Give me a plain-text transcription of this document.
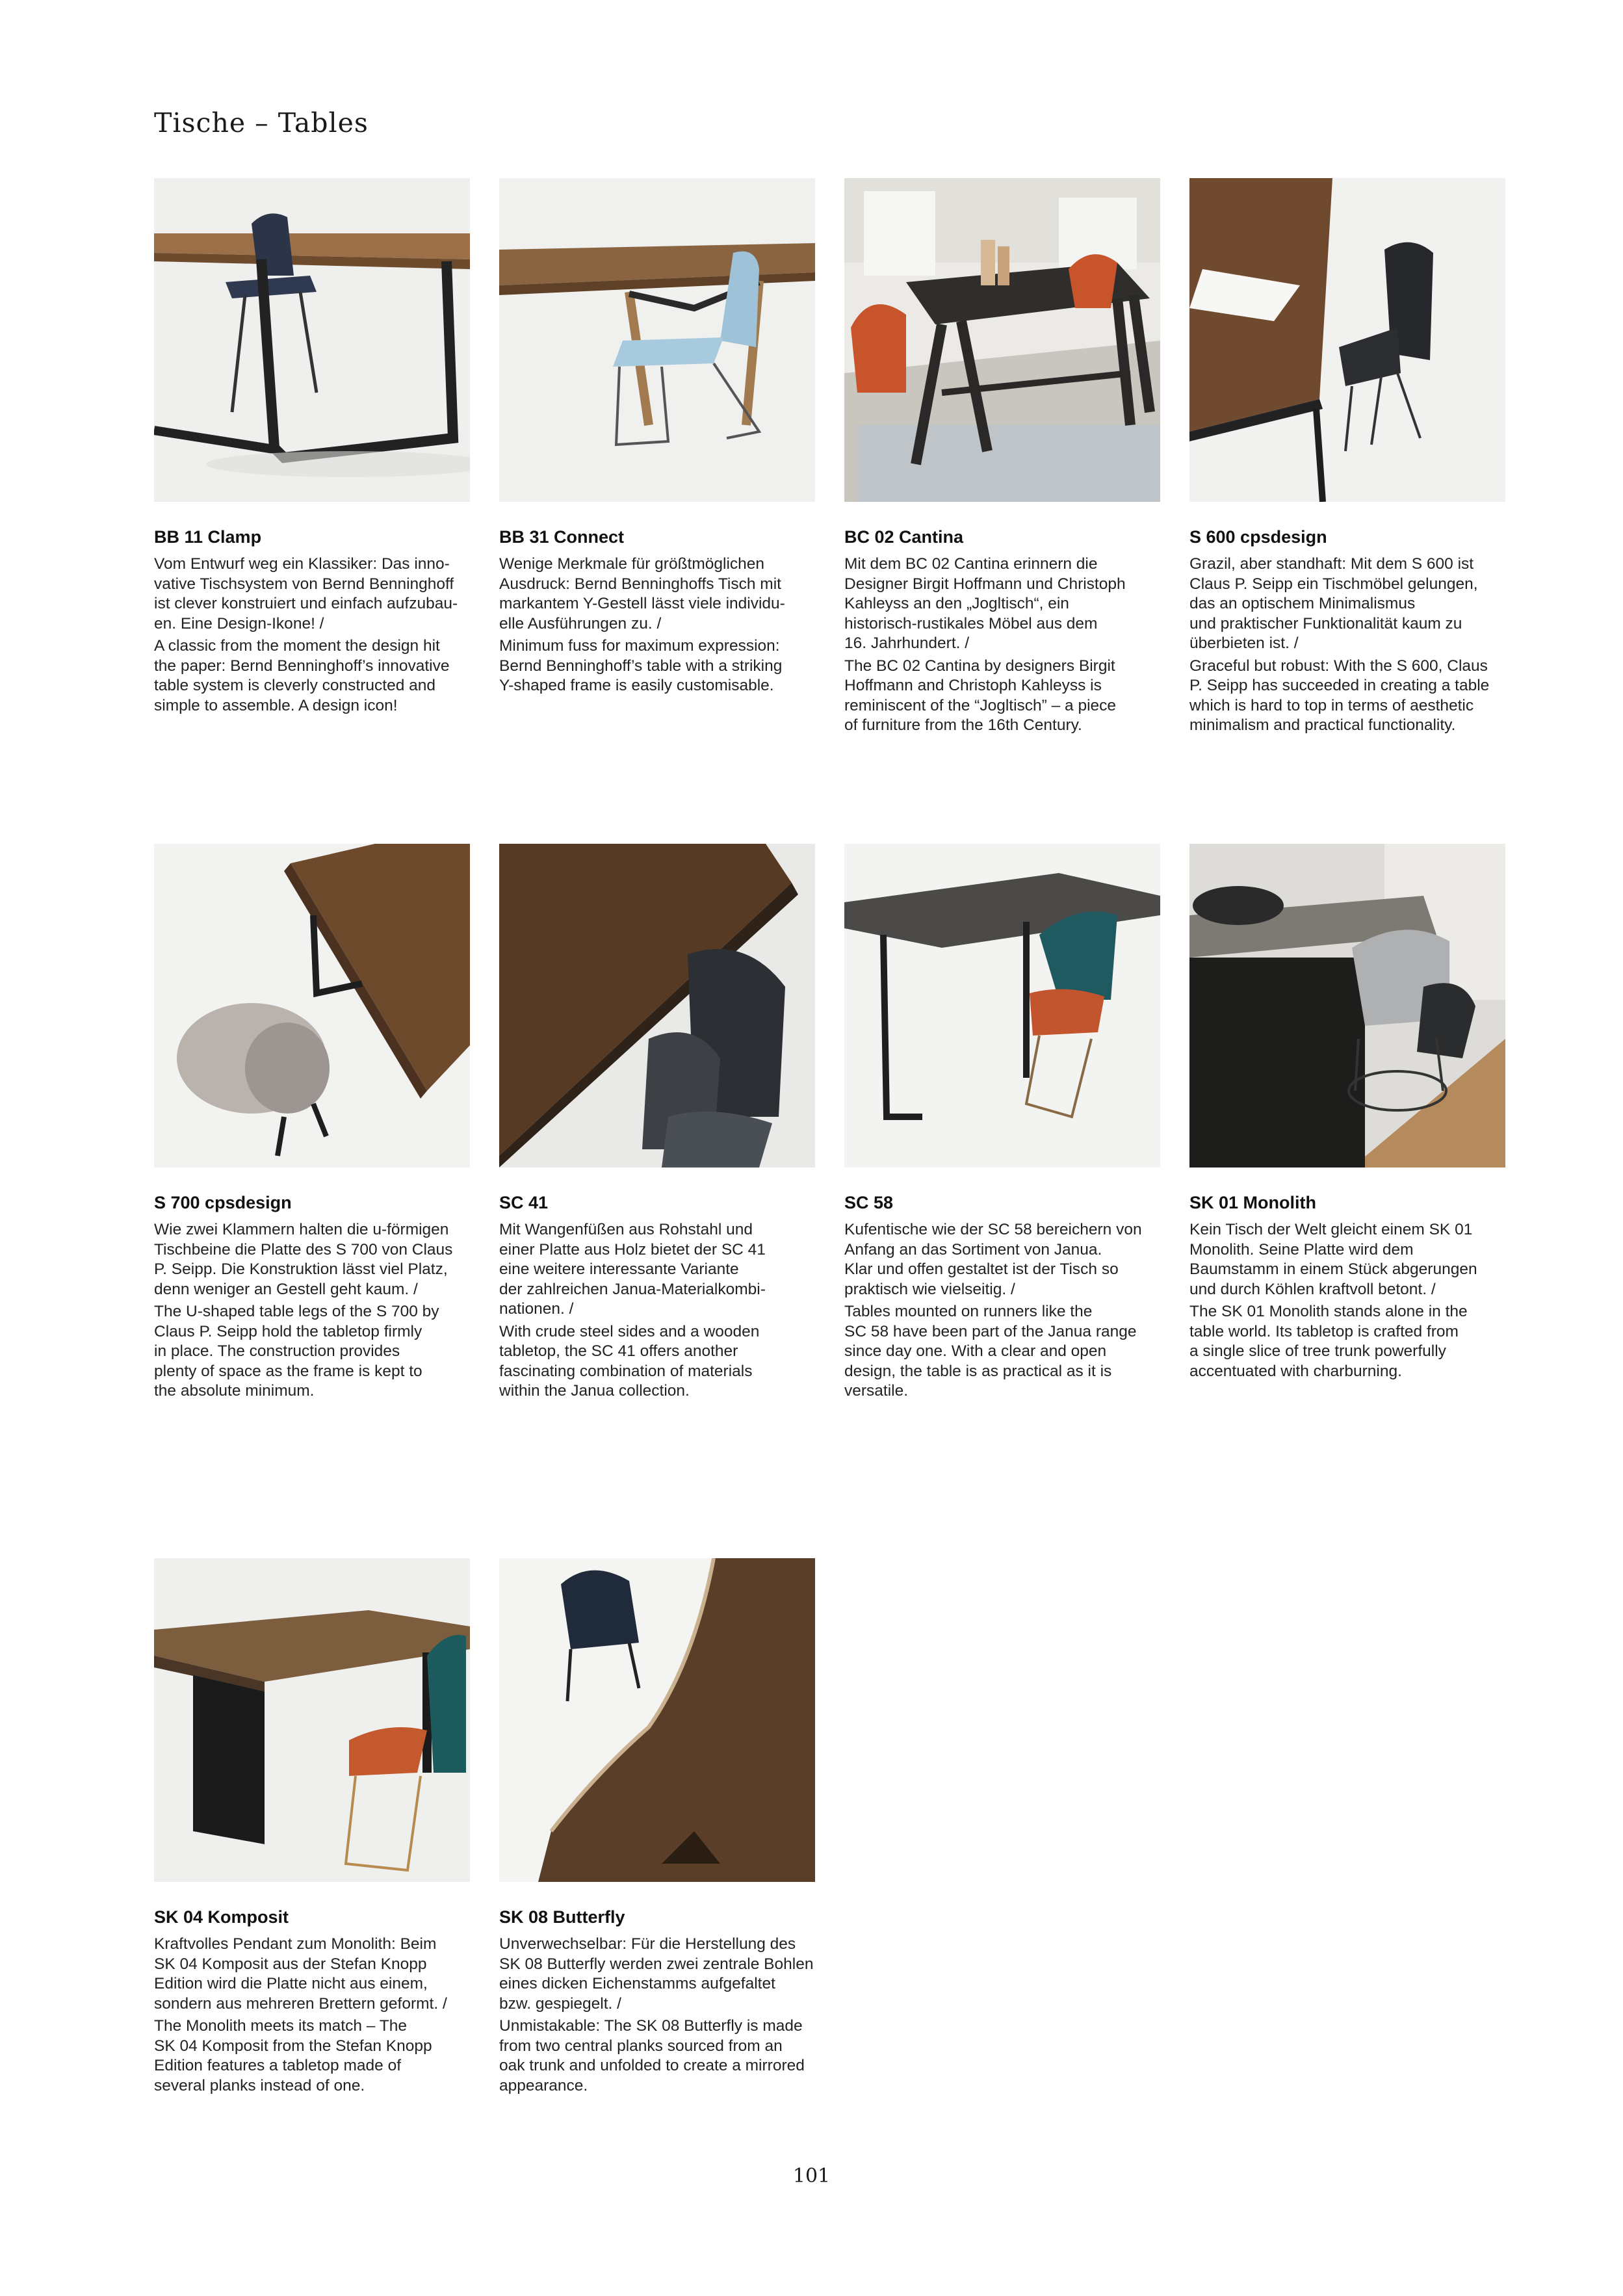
Tische – Tables

BB 11 Clamp

Vom Entwurf weg ein Klassiker: Das inno-
vative Tischsystem von Bernd Benninghoff
ist clever konstruiert und einfach aufzubau-
en. Eine Design-Ikone! /

A classic from the moment the design hit
the paper: Bernd Benninghoff’s innovative
table system is cleverly constructed and
simple to assemble. A design icon!

BB 31 Connect

Wenige Merkmale für größtmöglichen
Ausdruck: Bernd Benninghoffs Tisch mit
markantem Y-Gestell lässt viele individu-
elle Ausführungen zu. /

Minimum fuss for maximum expression:
Bernd Benninghoff’s table with a striking
Y-shaped frame is easily customisable.

BC 02 Cantina

Mit dem BC 02 Cantina erinnern die
Designer Birgit Hoffmann und Christoph
Kahleyss an den „Jogltisch“, ein
historisch-rustikales Möbel aus dem
16. Jahrhundert. /

The BC 02 Cantina by designers Birgit
Hoffmann and Christoph Kahleyss is
reminiscent of the “Jogltisch” – a piece
of furniture from the 16th Century.

S 600 cpsdesign

Grazil, aber standhaft: Mit dem S 600 ist
Claus P. Seipp ein Tischmöbel gelungen,
das an optischem Minimalismus
und praktischer Funktionalität kaum zu
überbieten ist. /

Graceful but robust: With the S 600, Claus
P. Seipp has succeeded in creating a table
which is hard to top in terms of aesthetic
minimalism and practical functionality.

S 700 cpsdesign

Wie zwei Klammern halten die u-förmigen
Tischbeine die Platte des S 700 von Claus
P. Seipp. Die Konstruktion lässt viel Platz,
denn weniger an Gestell geht kaum. /

The U-shaped table legs of the S 700 by
Claus P. Seipp hold the tabletop firmly
in place. The construction provides
plenty of space as the frame is kept to
the absolute minimum.

SC 41

Mit Wangenfüßen aus Rohstahl und
einer Platte aus Holz bietet der SC 41
eine weitere interessante Variante
der zahlreichen Janua-Materialkombi-
nationen. /

With crude steel sides and a wooden
tabletop, the SC 41 offers another
fascinating combination of materials
within the Janua collection.

SC 58

Kufentische wie der SC 58 bereichern von
Anfang an das Sortiment von Janua.
Klar und offen gestaltet ist der Tisch so
praktisch wie vielseitig. /

Tables mounted on runners like the
SC 58 have been part of the Janua range
since day one. With a clear and open
design, the table is as practical as it is
versatile.

SK 01 Monolith

Kein Tisch der Welt gleicht einem SK 01
Monolith. Seine Platte wird dem
Baumstamm in einem Stück abgerungen
und durch Köhlen kraftvoll betont. /

The SK 01 Monolith stands alone in the
table world. Its tabletop is crafted from
a single slice of tree trunk powerfully
accentuated with charburning.

SK 04 Komposit

Kraftvolles Pendant zum Monolith: Beim
SK 04 Komposit aus der Stefan Knopp
Edition wird die Platte nicht aus einem,
sondern aus mehreren Brettern geformt. /

The Monolith meets its match – The
SK 04 Komposit from the Stefan Knopp
Edition features a tabletop made of
several planks instead of one.

SK 08 Butterfly

Unverwechselbar: Für die Herstellung des
SK 08 Butterfly werden zwei zentrale Bohlen
eines dicken Eichenstamms aufgefaltet
bzw. gespiegelt. /

Unmistakable: The SK 08 Butterfly is made
from two central planks sourced from an
oak trunk and unfolded to create a mirrored
appearance.

101
